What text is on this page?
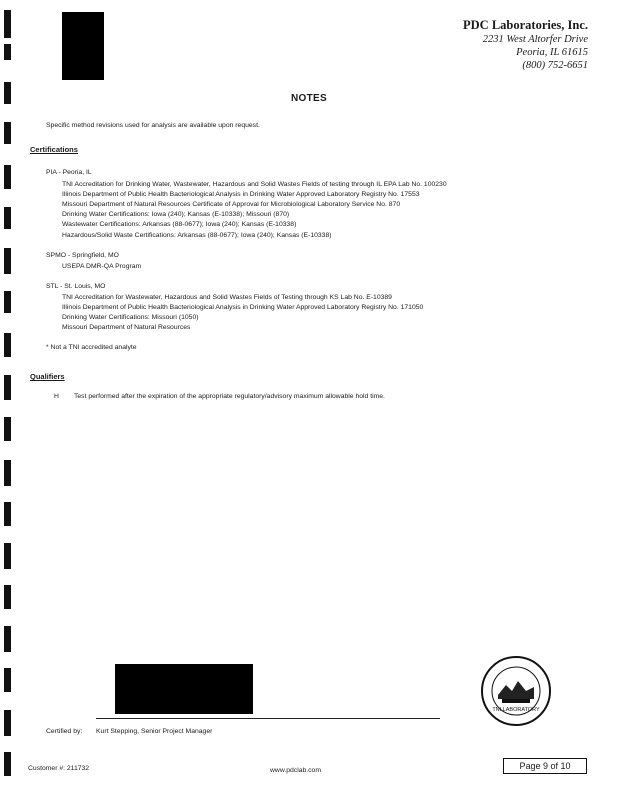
PDC Laboratories, Inc.
2231 West Altorfer Drive
Peoria, IL 61615
(800) 752-6651
NOTES
Specific method revisions used for analysis are available upon request.
Certifications
PIA - Peoria, IL
TNI Accreditation for Drinking Water, Wastewater, Hazardous and Solid Wastes Fields of testing through IL EPA Lab No. 100230
Illinois Department of Public Health Bacteriological Analysis in Drinking Water Approved Laboratory Registry No. 17553
Missouri Department of Natural Resources Certificate of Approval for Microbiological Laboratory Service No. 870
Drinking Water Certifications: Iowa (240); Kansas (E-10338); Missouri (870)
Wastewater Certifications: Arkansas (88-0677); Iowa (240); Kansas (E-10338)
Hazardous/Solid Waste Certifications: Arkansas (88-0677); Iowa (240); Kansas (E-10338)
SPMO - Springfield, MO
USEPA DMR-QA Program
STL - St. Louis, MO
TNI Accreditation for Wastewater, Hazardous and Solid Wastes Fields of Testing through KS Lab No. E-10389
Illinois Department of Public Health Bacteriological Analysis in Drinking Water Approved Laboratory Registry No. 171050
Drinking Water Certifications: Missouri (1050)
Missouri Department of Natural Resources
* Not a TNI accredited analyte
Qualifiers
H Test performed after the expiration of the appropriate regulatory/advisory maximum allowable hold time.
Certified by: Kurt Stepping, Senior Project Manager
TNI LABORATORY
Customer #: 211732	www.pdclab.com	Page 9 of 10
